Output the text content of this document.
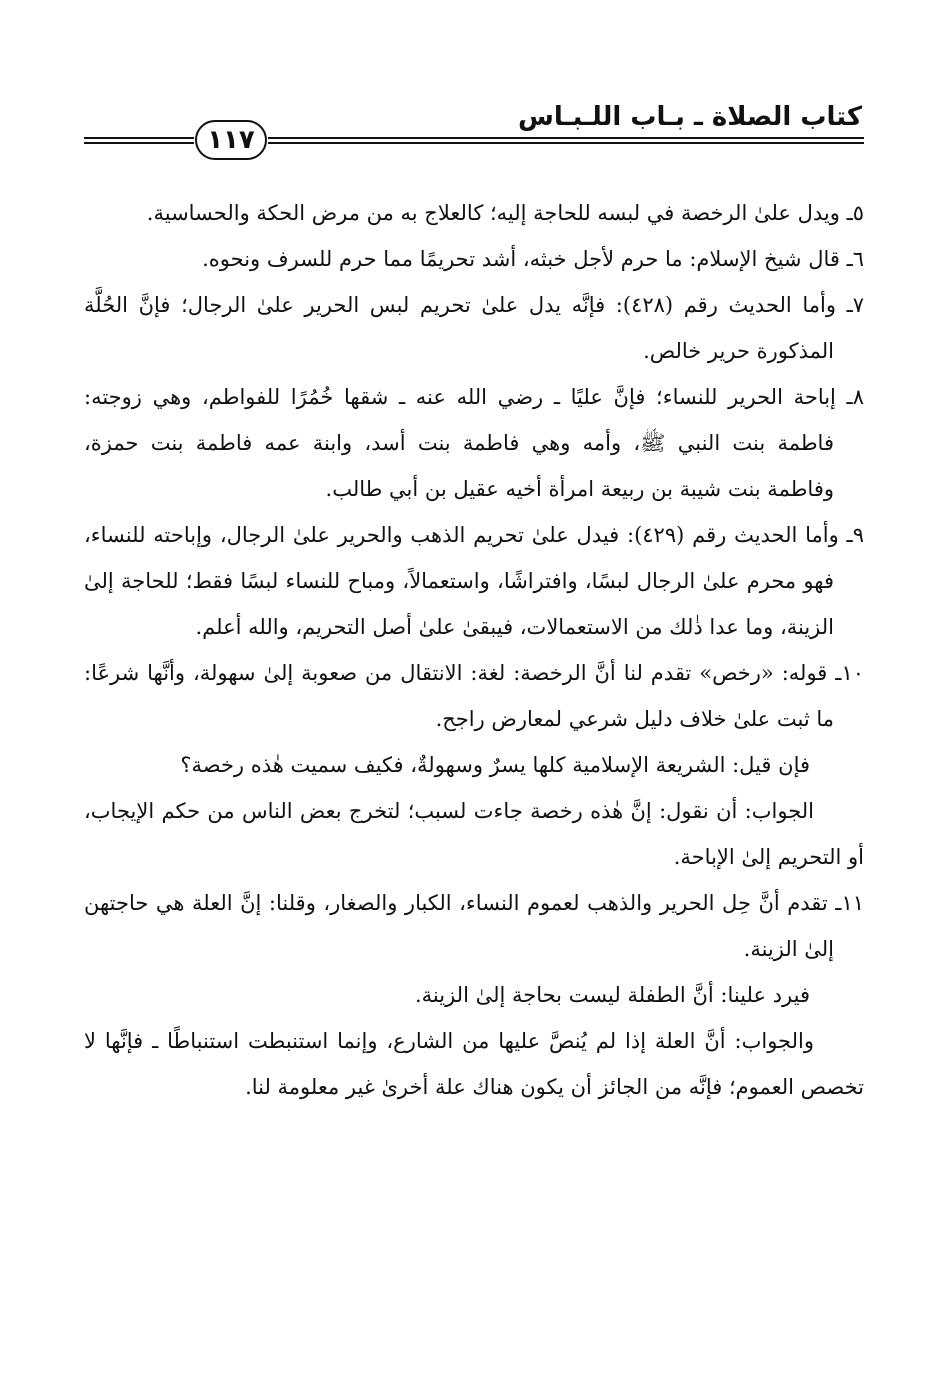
كتاب الصلاة ـ بـاب اللـبـاس
١١٧

٥ـ ويدل علىٰ الرخصة في لبسه للحاجة إليه؛ كالعلاج به من مرض الحكة والحساسية.

٦ـ قال شيخ الإسلام: ما حرم لأجل خبثه، أشد تحريمًا مما حرم للسرف ونحوه.

٧ـ وأما الحديث رقم (٤٢٨): فإنَّه يدل علىٰ تحريم لبس الحرير علىٰ الرجال؛ فإنَّ الحُلَّة المذكورة حرير خالص.

٨ـ إباحة الحرير للنساء؛ فإنَّ عليًا ـ رضي الله عنه ـ شقها خُمُرًا للفواطم، وهي زوجته: فاطمة بنت النبي ﷺ، وأمه وهي فاطمة بنت أسد، وابنة عمه فاطمة بنت حمزة، وفاطمة بنت شيبة بن ربيعة امرأة أخيه عقيل بن أبي طالب.

٩ـ وأما الحديث رقم (٤٢٩): فيدل علىٰ تحريم الذهب والحرير علىٰ الرجال، وإباحته للنساء، فهو محرم علىٰ الرجال لبسًا، وافتراشًا، واستعمالاً، ومباح للنساء لبسًا فقط؛ للحاجة إلىٰ الزينة، وما عدا ذٰلك من الاستعمالات، فيبقىٰ علىٰ أصل التحريم، والله أعلم.

١٠ـ قوله: «رخص» تقدم لنا أنَّ الرخصة: لغة: الانتقال من صعوبة إلىٰ سهولة، وأنَّها شرعًا: ما ثبت علىٰ خلاف دليل شرعي لمعارض راجح.

فإن قيل: الشريعة الإسلامية كلها يسرٌ وسهولةٌ، فكيف سميت هٰذه رخصة؟

الجواب: أن نقول: إنَّ هٰذه رخصة جاءت لسبب؛ لتخرج بعض الناس من حكم الإيجاب، أو التحريم إلىٰ الإباحة.

١١ـ تقدم أنَّ حِل الحرير والذهب لعموم النساء، الكبار والصغار، وقلنا: إنَّ العلة هي حاجتهن إلىٰ الزينة.

فيرد علينا: أنَّ الطفلة ليست بحاجة إلىٰ الزينة.

والجواب: أنَّ العلة إذا لم يُنصَّ عليها من الشارع، وإنما استنبطت استنباطًا ـ فإنَّها لا تخصص العموم؛ فإنَّه من الجائز أن يكون هناك علة أخرىٰ غير معلومة لنا.
